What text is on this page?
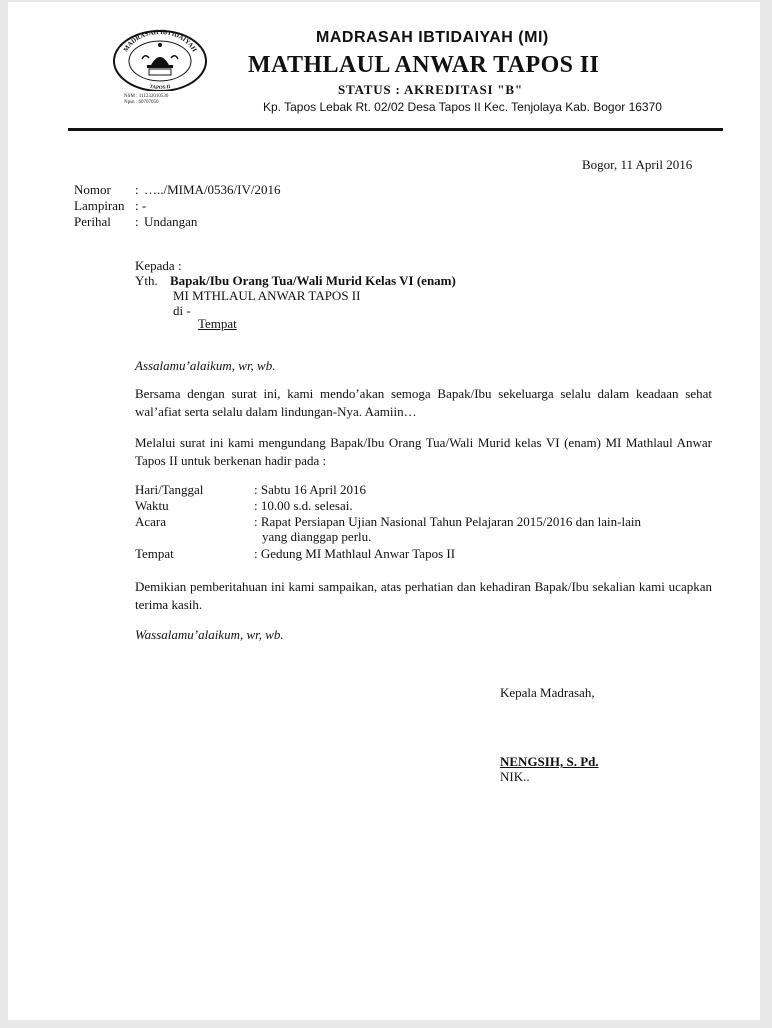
MADRASAH IBTIDAIYAH
TAPOS II
NSM : 111232010536
Npsn : 60707050
MADRASAH IBTIDAIYAH (MI)
MATHLAUL ANWAR TAPOS II
STATUS : AKREDITASI "B"
Kp. Tapos Lebak Rt. 02/02 Desa Tapos II Kec. Tenjolaya Kab. Bogor 16370
Bogor, 11 April 2016
Nomor : …../MIMA/0536/IV/2016
Lampiran : -
Perihal : Undangan
Kepada :
Yth. Bapak/Ibu Orang Tua/Wali Murid Kelas VI (enam)
MI MTHLAUL ANWAR TAPOS II
di -
Tempat
Assalamu’alaikum, wr, wb.
Bersama dengan surat ini, kami mendo’akan semoga Bapak/Ibu sekeluarga selalu dalam keadaan sehat wal’afiat serta selalu dalam lindungan-Nya. Aamiin…
Melalui surat ini kami mengundang Bapak/Ibu Orang Tua/Wali Murid kelas VI (enam) MI Mathlaul Anwar Tapos II untuk berkenan hadir pada :
Hari/Tanggal	: Sabtu 16 April 2016
Waktu	: 10.00 s.d. selesai.
Acara	: Rapat Persiapan Ujian Nasional Tahun Pelajaran 2015/2016 dan lain-lain
yang dianggap perlu.
Tempat	: Gedung MI Mathlaul Anwar Tapos II
Demikian pemberitahuan ini kami sampaikan, atas perhatian dan kehadiran Bapak/Ibu sekalian kami ucapkan terima kasih.
Wassalamu’alaikum, wr, wb.
Kepala Madrasah,
NENGSIH, S. Pd.
NIK..
